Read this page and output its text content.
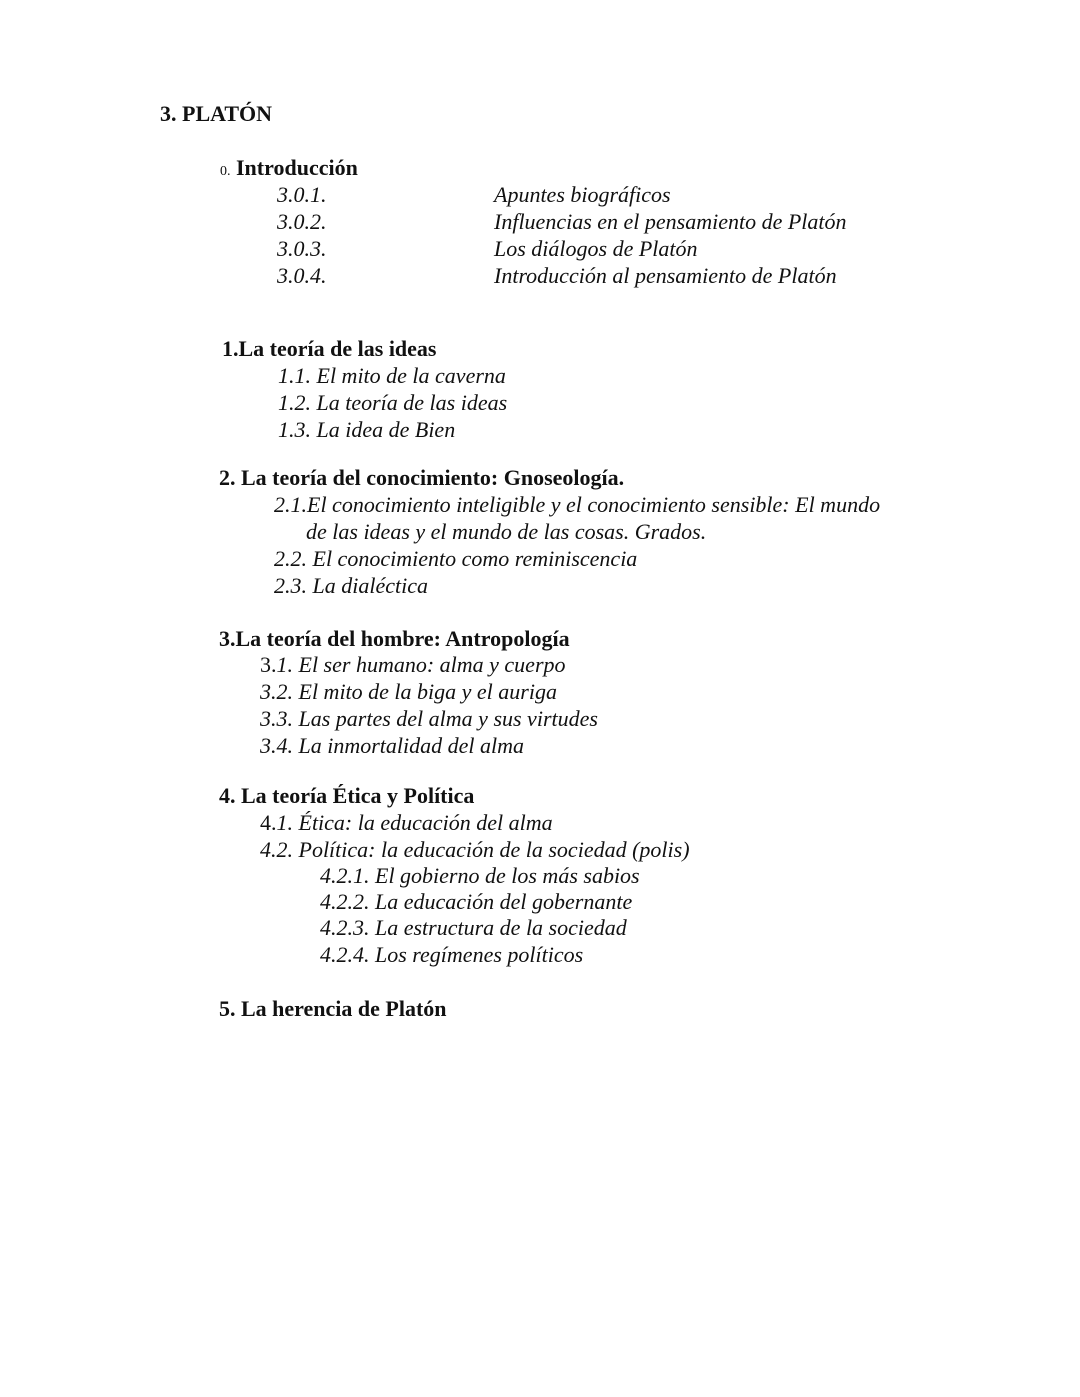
3. PLATÓN
0. Introducción
3.0.1.	Apuntes biográficos
3.0.2.	Influencias en el pensamiento de Platón
3.0.3.	Los diálogos de Platón
3.0.4.	Introducción al pensamiento de Platón
1.La teoría de las ideas
1.1. El mito de la caverna
1.2. La teoría de las ideas
1.3. La idea de Bien
2. La teoría del conocimiento: Gnoseología.
2.1.El conocimiento inteligible y el conocimiento sensible: El mundo
de las ideas y el mundo de las cosas. Grados.
2.2. El conocimiento como reminiscencia
2.3. La dialéctica
3.La teoría del hombre: Antropología
3.1. El ser humano: alma y cuerpo
3.2. El mito de la biga y el auriga
3.3. Las partes del alma y sus virtudes
3.4. La inmortalidad del alma
4. La teoría Ética y Política
4.1. Ética: la educación del alma
4.2. Política: la educación de la sociedad (polis)
4.2.1. El gobierno de los más sabios
4.2.2. La educación del gobernante
4.2.3. La estructura de la sociedad
4.2.4. Los regímenes políticos
5. La herencia de Platón
